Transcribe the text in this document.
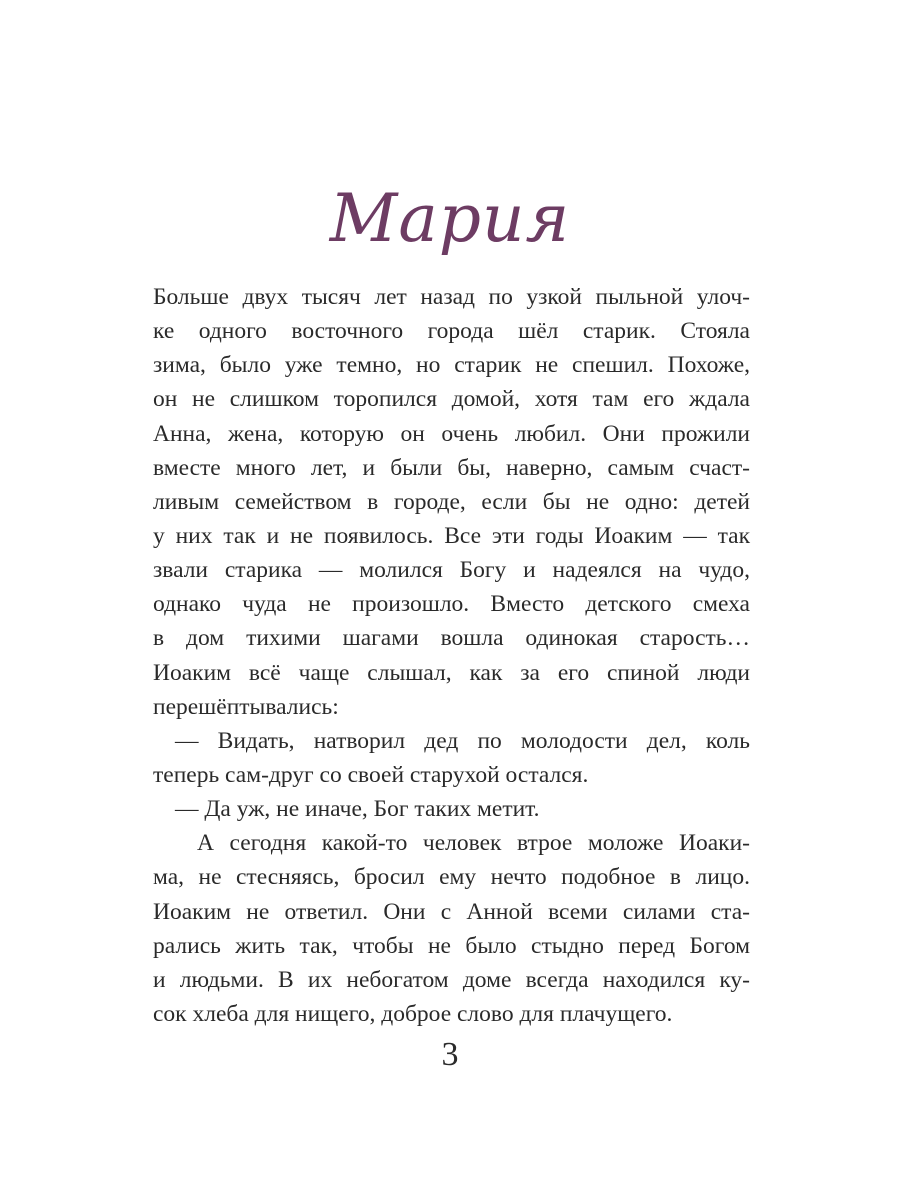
Мария
Больше двух тысяч лет назад по узкой пыльной улоч-
ке одного восточного города шёл старик. Стояла
зима, было уже темно, но старик не спешил. Похоже,
он не слишком торопился домой, хотя там его ждала
Анна, жена, которую он очень любил. Они прожили
вместе много лет, и были бы, наверно, самым счаст-
ливым семейством в городе, если бы не одно: детей
у них так и не появилось. Все эти годы Иоаким — так
звали старика — молился Богу и надеялся на чудо,
однако чуда не произошло. Вместо детского смеха
в дом тихими шагами вошла одинокая старость…
Иоаким всё чаще слышал, как за его спиной люди
перешёптывались:
— Видать, натворил дед по молодости дел, коль
теперь сам-друг со своей старухой остался.
— Да уж, не иначе, Бог таких метит.
А сегодня какой-то человек втрое моложе Иоаки-
ма, не стесняясь, бросил ему нечто подобное в лицо.
Иоаким не ответил. Они с Анной всеми силами ста-
рались жить так, чтобы не было стыдно перед Богом
и людьми. В их небогатом доме всегда находился ку-
сок хлеба для нищего, доброе слово для плачущего.
3
